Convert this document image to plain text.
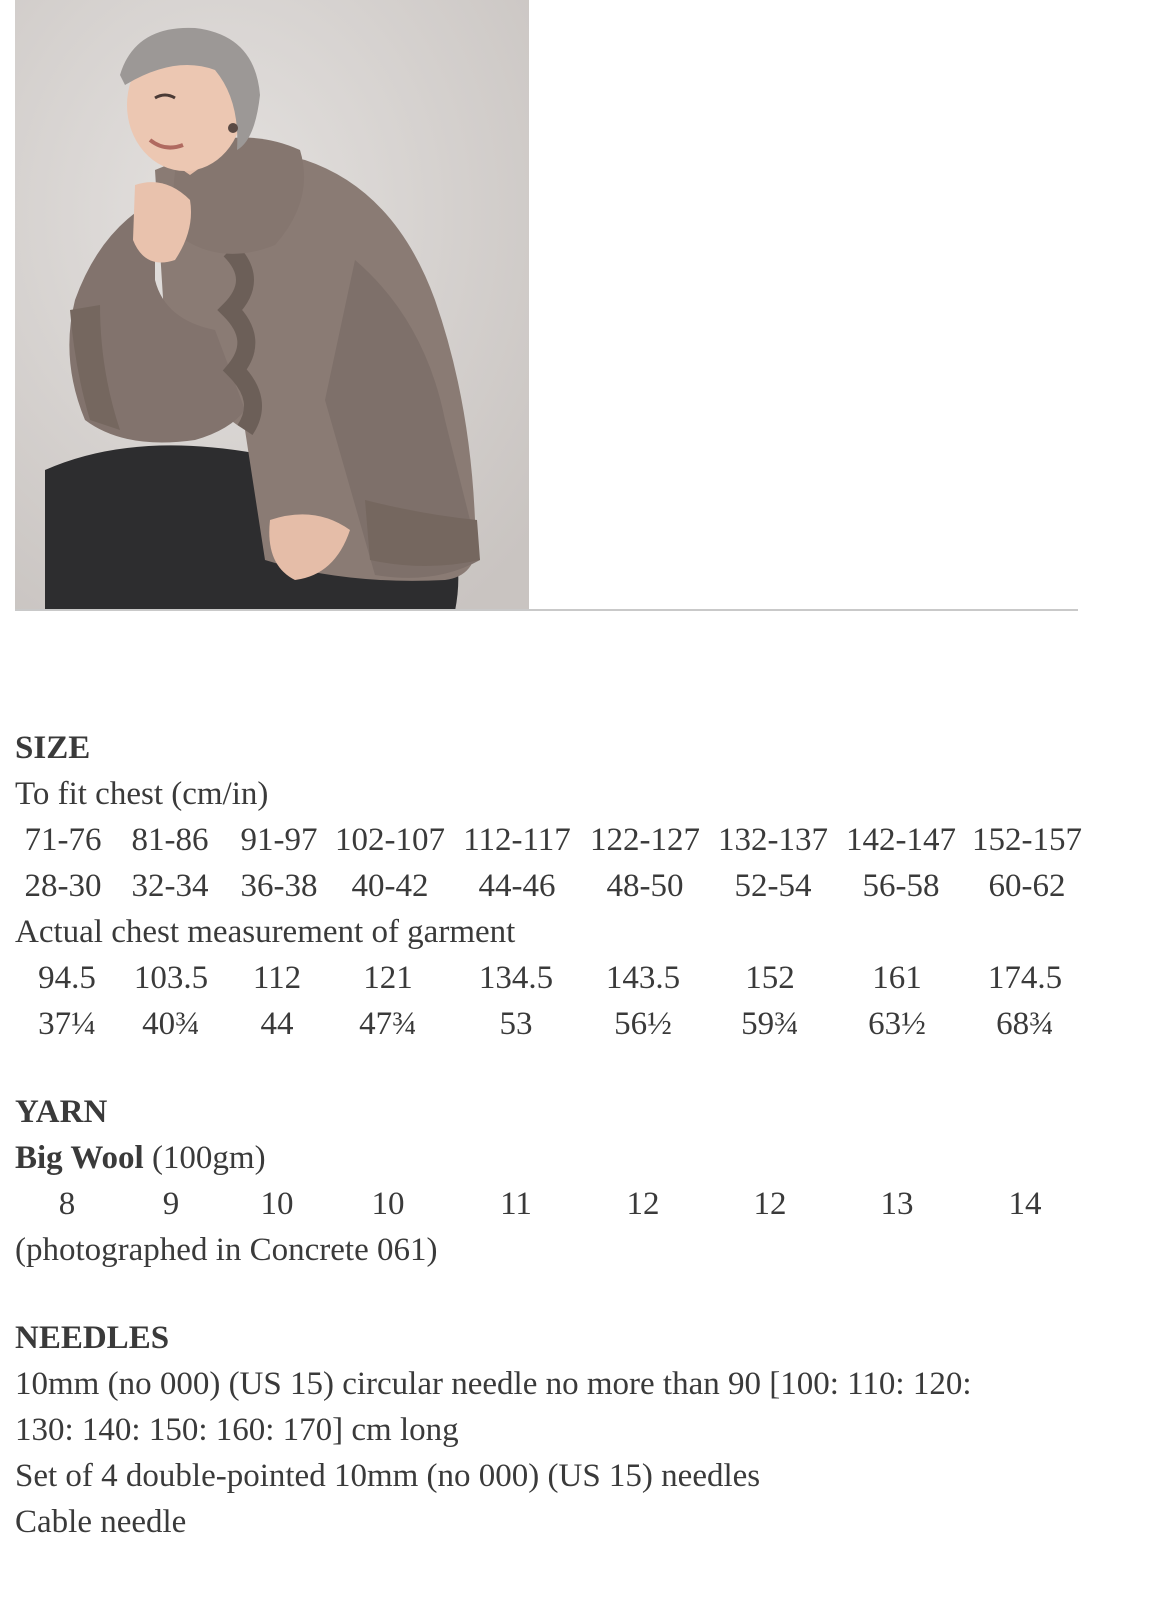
SIZE
To fit chest (cm/in)
71-76 81-86 91-97 102-107 112-117 122-127 132-137 142-147 152-157
28-30 32-34 36-38	40-42	44-46	48-50	52-54	56-58	60-62
Actual chest measurement of garment
94.5	103.5	112	121	134.5	143.5	152	161	174.5
37¼	40¾	44	47¾	53	56½	59¾	63½	68¾
YARN
Big Wool (100gm)
8	9	10	10	11	12	12	13	14
(photographed in Concrete 061)
NEEDLES
10mm (no 000) (US 15) circular needle no more than 90 [100: 110: 120:
130: 140: 150: 160: 170] cm long
Set of 4 double-pointed 10mm (no 000) (US 15) needles
Cable needle
